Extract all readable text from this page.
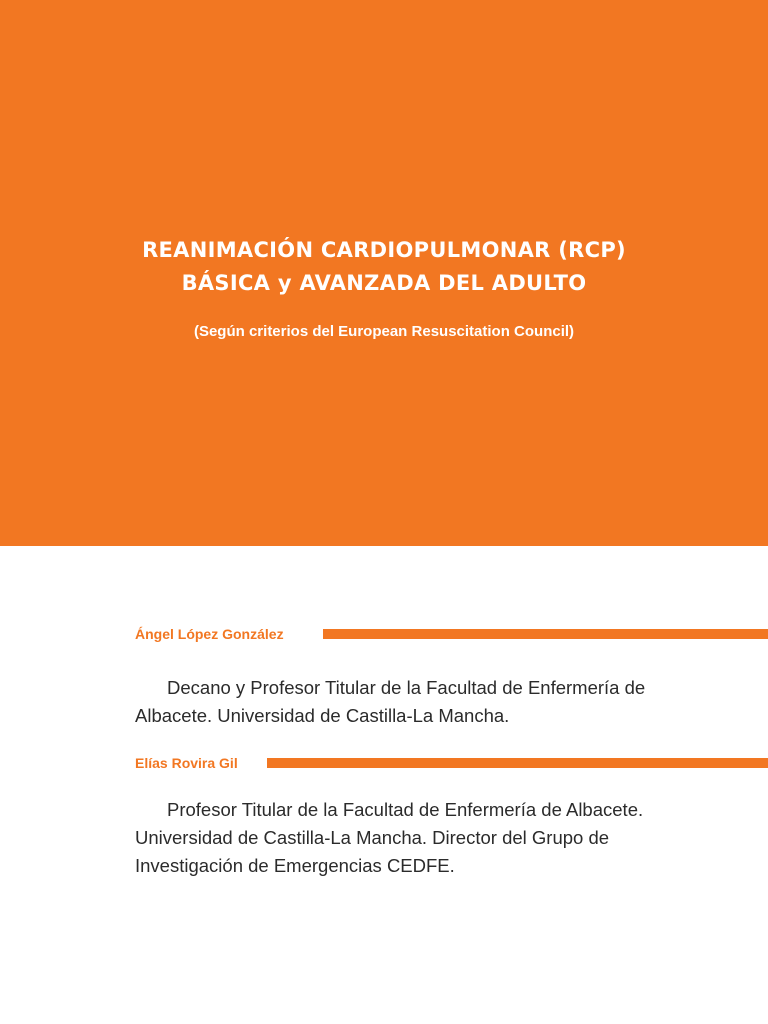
REANIMACIÓN CARDIOPULMONAR (RCP)
BÁSICA y AVANZADA DEL ADULTO
(Según criterios del European Resuscitation Council)
Ángel López González

Decano y Profesor Titular de la Facultad de Enfermería de Albacete. Universidad de Castilla-La Mancha.

Elías Rovira Gil

Profesor Titular de la Facultad de Enfermería de Albacete. Universidad de Castilla-La Mancha. Director del Grupo de Investigación de Emergencias CEDFE.
